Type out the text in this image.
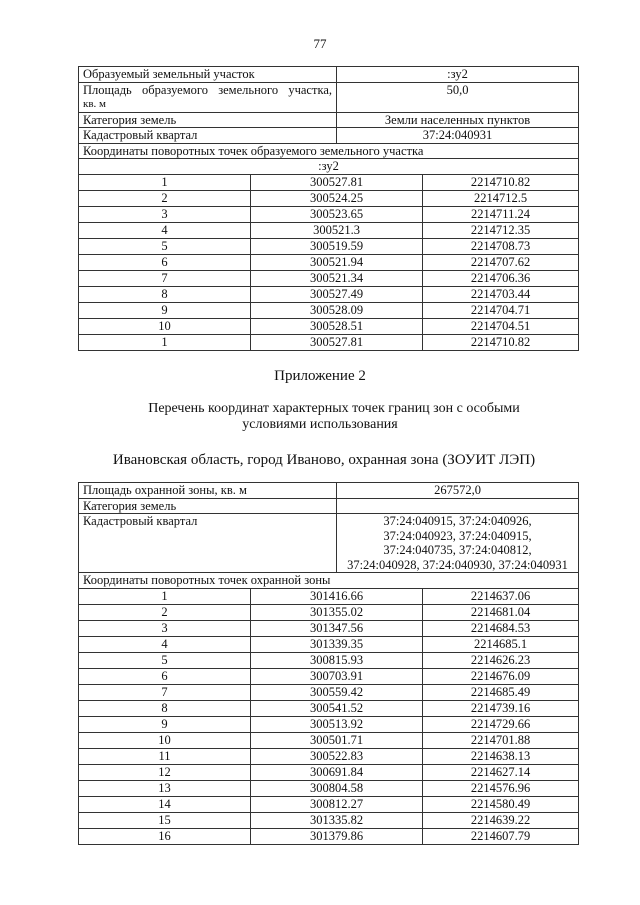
77
Образуемый земельный участок		:зу2	

Площадь образуемого земельного участка,
кв. м		50,0	
Категория земель		Земли населенных пунктов	
Кадастровый квартал		37:24:040931	
Координаты поворотных точек образуемого земельного участка			
:зу2			
1	300527.81		2214710.82
2	300524.25		2214712.5
3	300523.65		2214711.24
4	300521.3		2214712.35
5	300519.59		2214708.73
6	300521.94		2214707.62
7	300521.34		2214706.36
8	300527.49		2214703.44
9	300528.09		2214704.71
10	300528.51		2214704.51
1	300527.81		2214710.82
Приложение 2
Перечень координат характерных точек границ зон с особыми
условиями использования
Ивановская область, город Иваново, охранная зона (ЗОУИТ ЛЭП)
Площадь охранной зоны, кв. м		267572,0	
Категория земель			
Кадастровый квартал		37:24:040915, 37:24:040926,
37:24:040923, 37:24:040915,
37:24:040735, 37:24:040812,
37:24:040928, 37:24:040930, 37:24:040931	

Координаты поворотных точек охранной зоны			
1	301416.66		2214637.06
2	301355.02		2214681.04
3	301347.56		2214684.53
4	301339.35		2214685.1
5	300815.93		2214626.23
6	300703.91		2214676.09
7	300559.42		2214685.49
8	300541.52		2214739.16
9	300513.92		2214729.66
10	300501.71		2214701.88
11	300522.83		2214638.13
12	300691.84		2214627.14
13	300804.58		2214576.96
14	300812.27		2214580.49
15	301335.82		2214639.22
16	301379.86		2214607.79
